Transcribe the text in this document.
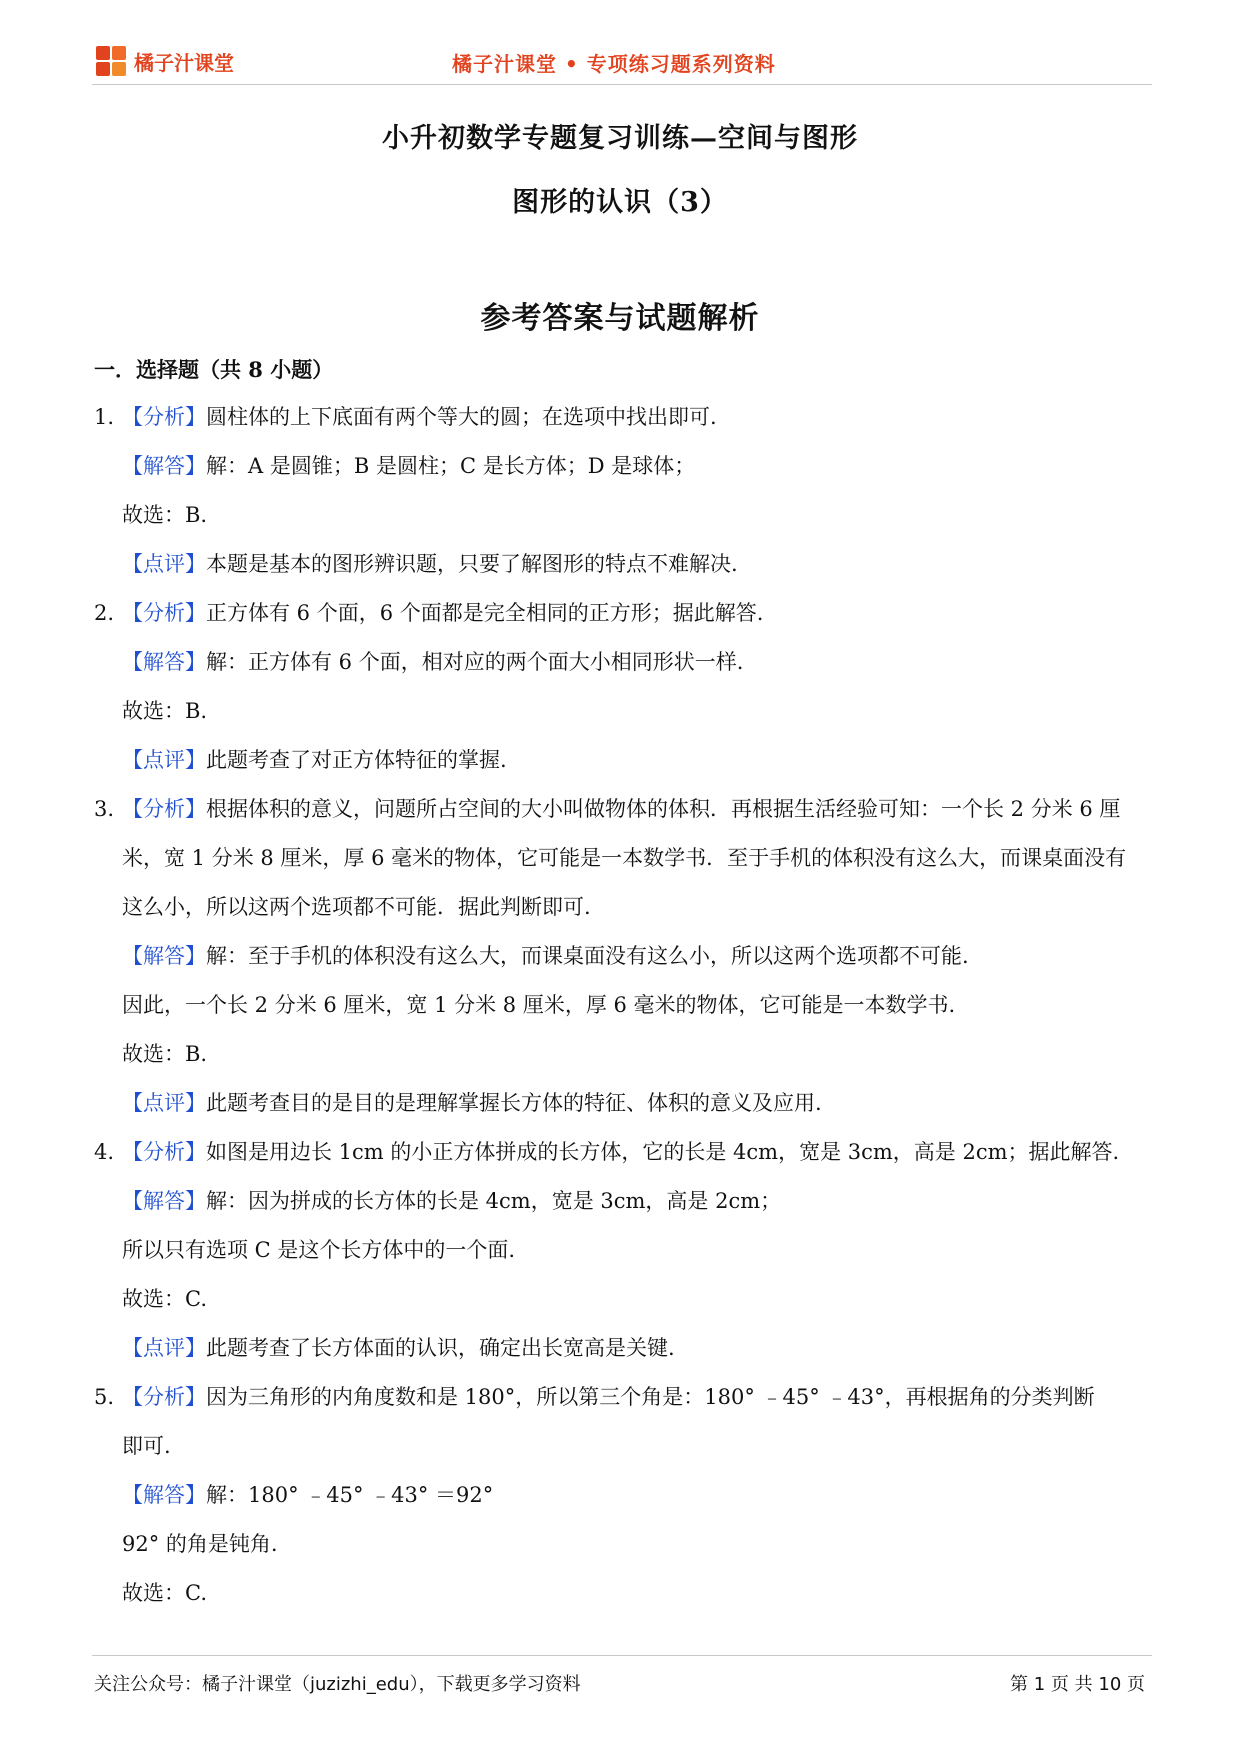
橘子汁课堂	橘子汁课堂 • 专项练习题系列资料
小升初数学专题复习训练—空间与图形
图形的认识（3）
参考答案与试题解析
一．选择题（共 8 小题）
1. 【分析】圆柱体的上下底面有两个等大的圆；在选项中找出即可.
【解答】解：A 是圆锥；B 是圆柱；C 是长方体；D 是球体；
故选：B.
【点评】本题是基本的图形辨识题，只要了解图形的特点不难解决.
2. 【分析】正方体有 6 个面，6 个面都是完全相同的正方形；据此解答.
【解答】解：正方体有 6 个面，相对应的两个面大小相同形状一样.
故选：B.
【点评】此题考查了对正方体特征的掌握.
3. 【分析】根据体积的意义，问题所占空间的大小叫做物体的体积．再根据生活经验可知：一个长 2 分米 6 厘
米，宽 1 分米 8 厘米，厚 6 毫米的物体，它可能是一本数学书．至于手机的体积没有这么大，而课桌面没有
这么小，所以这两个选项都不可能．据此判断即可.
【解答】解：至于手机的体积没有这么大，而课桌面没有这么小，所以这两个选项都不可能.
因此，一个长 2 分米 6 厘米，宽 1 分米 8 厘米，厚 6 毫米的物体，它可能是一本数学书.
故选：B.
【点评】此题考查目的是目的是理解掌握长方体的特征、体积的意义及应用.
4. 【分析】如图是用边长 1cm 的小正方体拼成的长方体，它的长是 4cm，宽是 3cm，高是 2cm；据此解答.
【解答】解：因为拼成的长方体的长是 4cm，宽是 3cm，高是 2cm；
所以只有选项 C 是这个长方体中的一个面.
故选：C.
【点评】此题考查了长方体面的认识，确定出长宽高是关键.
5. 【分析】因为三角形的内角度数和是 180°，所以第三个角是：180° ﹣45° ﹣43°，再根据角的分类判断
即可.
【解答】解：180° ﹣45° ﹣43° ＝92°
92° 的角是钝角.
故选：C.
关注公众号：橘子汁课堂（juzizhi_edu），下载更多学习资料	第 1 页 共 10 页
